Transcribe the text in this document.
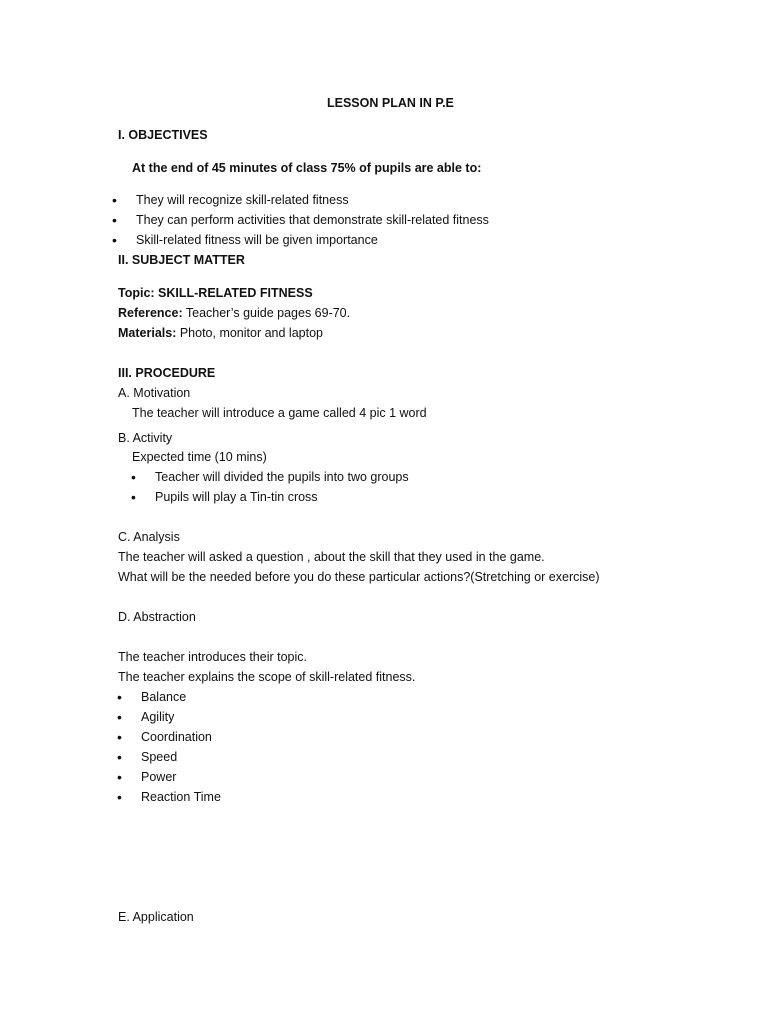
LESSON PLAN IN P.E
I. OBJECTIVES
At the end of 45 minutes of class 75% of pupils are able to:
• They will recognize skill-related fitness
• They can perform activities that demonstrate skill-related fitness
• Skill-related fitness will be given importance
II. SUBJECT MATTER
Topic: SKILL-RELATED FITNESS
Reference: Teacher’s guide pages 69-70.
Materials: Photo, monitor and laptop
III. PROCEDURE
A. Motivation
The teacher will introduce a game called 4 pic 1 word
B. Activity
Expected time (10 mins)
• Teacher will divided the pupils into two groups
• Pupils will play a Tin-tin cross
C. Analysis
The teacher will asked a question , about the skill that they used in the game.
What will be the needed before you do these particular actions?(Stretching or exercise)
D. Abstraction
The teacher introduces their topic.
The teacher explains the scope of skill-related fitness.
• Balance
• Agility
• Coordination
• Speed
• Power
• Reaction Time
E. Application
